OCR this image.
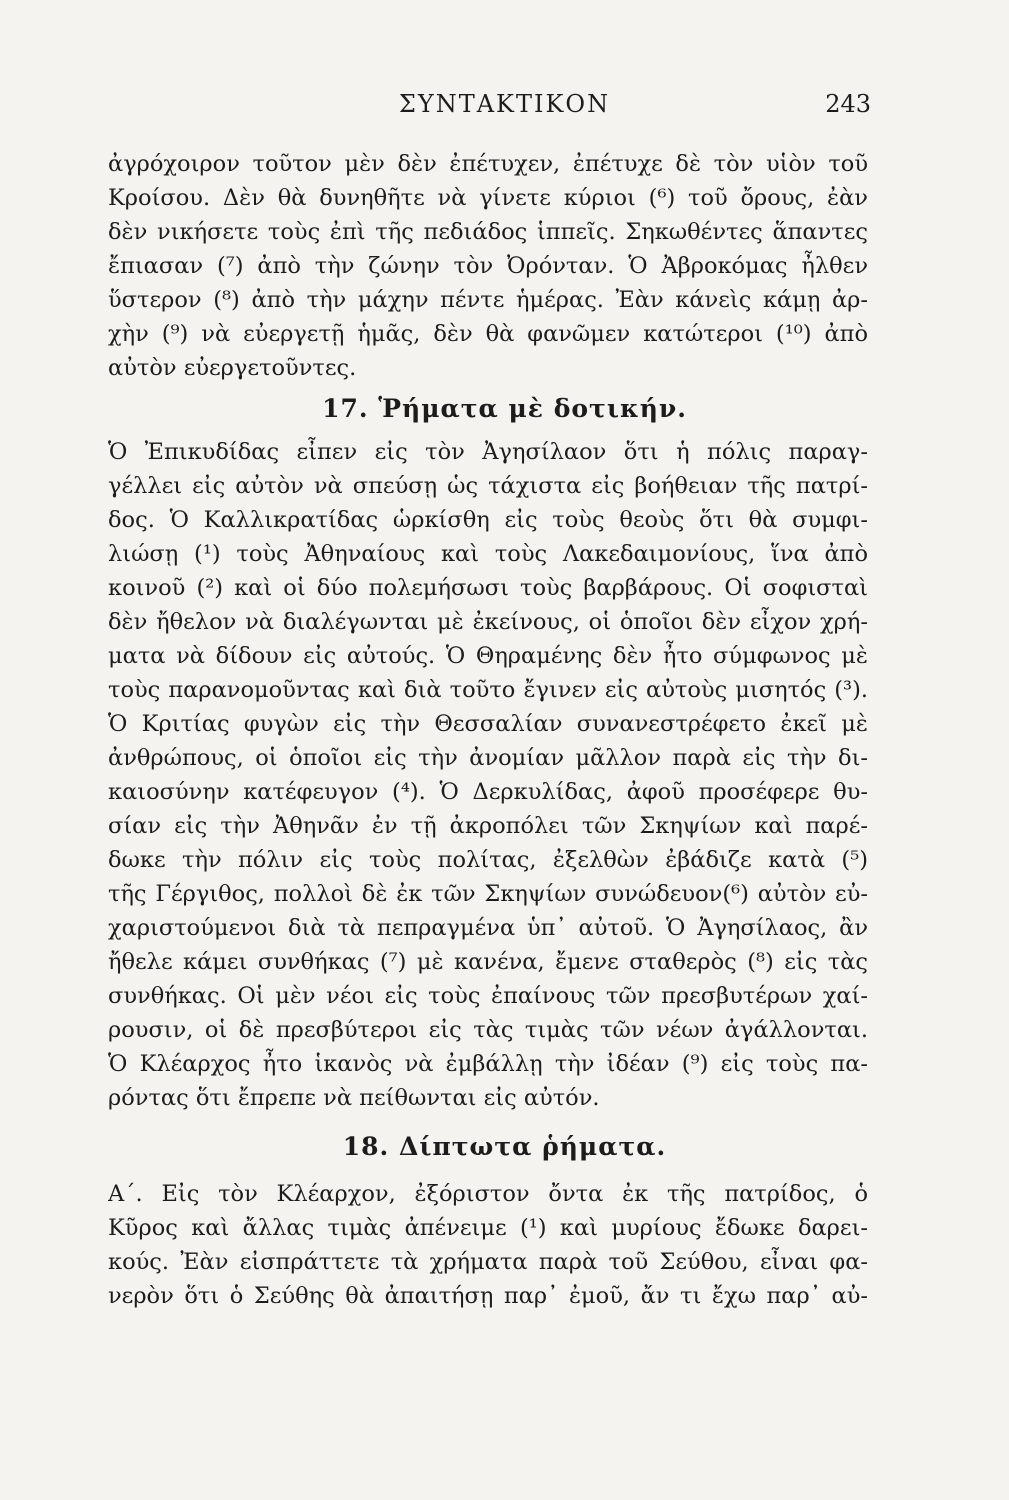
ΣΥΝΤΑΚΤΙΚΟΝ	243
ἀγρόχοιρον τοῦτον μὲν δὲν ἐπέτυχεν, ἐπέτυχε δὲ τὸν υἱὸν τοῦ
Κροίσου. Δὲν θὰ δυνηθῆτε νὰ γίνετε κύριοι (⁶) τοῦ ὄρους, ἐὰν
δὲν νικήσετε τοὺς ἐπὶ τῆς πεδιάδος ἱππεῖς. Σηκωθέντες ἅπαντες
ἔπιασαν (⁷) ἀπὸ τὴν ζώνην τὸν Ὀρόνταν. Ὁ Ἀβροκόμας ἦλθεν
ὕστερον (⁸) ἀπὸ τὴν μάχην πέντε ἡμέρας. Ἐὰν κάνεὶς κάμῃ ἀρ-
χὴν (⁹) νὰ εὐεργετῇ ἡμᾶς, δὲν θὰ φανῶμεν κατώτεροι (¹⁰) ἀπὸ
αὐτὸν εὐεργετοῦντες.
17. Ῥήματα μὲ δοτικήν.
Ὁ Ἐπικυδίδας εἶπεν εἰς τὸν Ἀγησίλαον ὅτι ἡ πόλις παραγ-
γέλλει εἰς αὐτὸν νὰ σπεύσῃ ὡς τάχιστα εἰς βοήθειαν τῆς πατρί-
δος. Ὁ Καλλικρατίδας ὡρκίσθη εἰς τοὺς θεοὺς ὅτι θὰ συμφι-
λιώσῃ (¹) τοὺς Ἀθηναίους καὶ τοὺς Λακεδαιμονίους, ἵνα ἀπὸ
κοινοῦ (²) καὶ οἱ δύο πολεμήσωσι τοὺς βαρβάρους. Οἱ σοφισταὶ
δὲν ἤθελον νὰ διαλέγωνται μὲ ἐκείνους, οἱ ὁποῖοι δὲν εἶχον χρή-
ματα νὰ δίδουν εἰς αὐτούς. Ὁ Θηραμένης δὲν ἦτο σύμφωνος μὲ
τοὺς παρανομοῦντας καὶ διὰ τοῦτο ἔγινεν εἰς αὐτοὺς μισητός (³).
Ὁ Κριτίας φυγὼν εἰς τὴν Θεσσαλίαν συνανεστρέφετο ἐκεῖ μὲ
ἀνθρώπους, οἱ ὁποῖοι εἰς τὴν ἀνομίαν μᾶλλον παρὰ εἰς τὴν δι-
καιοσύνην κατέφευγον (⁴). Ὁ Δερκυλίδας, ἀφοῦ προσέφερε θυ-
σίαν εἰς τὴν Ἀθηνᾶν ἐν τῇ ἀκροπόλει τῶν Σκηψίων καὶ παρέ-
δωκε τὴν πόλιν εἰς τοὺς πολίτας, ἐξελθὼν ἐβάδιζε κατὰ (⁵)
τῆς Γέργιθος, πολλοὶ δὲ ἐκ τῶν Σκηψίων συνώδευον(⁶) αὐτὸν εὐ-
χαριστούμενοι διὰ τὰ πεπραγμένα ὑπ᾽ αὐτοῦ. Ὁ Ἀγησίλαος, ἂν
ἤθελε κάμει συνθήκας (⁷) μὲ κανένα, ἔμενε σταθερὸς (⁸) εἰς τὰς
συνθήκας. Οἱ μὲν νέοι εἰς τοὺς ἐπαίνους τῶν πρεσβυτέρων χαί-
ρουσιν, οἱ δὲ πρεσβύτεροι εἰς τὰς τιμὰς τῶν νέων ἀγάλλονται.
Ὁ Κλέαρχος ἦτο ἱκανὸς νὰ ἐμβάλλῃ τὴν ἰδέαν (⁹) εἰς τοὺς πα-
ρόντας ὅτι ἔπρεπε νὰ πείθωνται εἰς αὐτόν.
18. Δίπτωτα ῥήματα.
Α΄. Εἰς τὸν Κλέαρχον, ἐξόριστον ὄντα ἐκ τῆς πατρίδος, ὁ
Κῦρος καὶ ἄλλας τιμὰς ἀπένειμε (¹) καὶ μυρίους ἔδωκε δαρει-
κούς. Ἐὰν εἰσπράττετε τὰ χρήματα παρὰ τοῦ Σεύθου, εἶναι φα-
νερὸν ὅτι ὁ Σεύθης θὰ ἀπαιτήσῃ παρ᾽ ἐμοῦ, ἄν τι ἔχω παρ᾽ αὐ-
